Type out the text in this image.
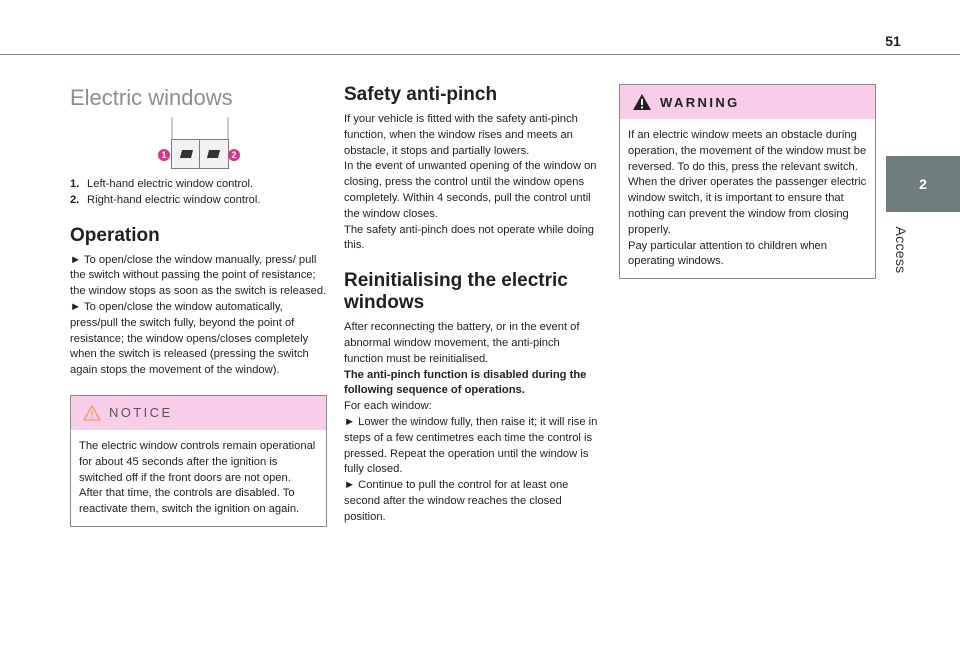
51
2
Access
Electric windows
1	2
1. Left-hand electric window control.
2. Right-hand electric window control.
Operation

► To open/close the window manually, press/ pull the switch without passing the point of resistance; the window stops as soon as the switch is released.

► To open/close the window automatically, press/pull the switch fully, beyond the point of resistance; the window opens/closes completely when the switch is released (pressing the switch again stops the movement of the window).

NOTICE

The electric window controls remain operational for about 45 seconds after the ignition is switched off if the front doors are not open.

After that time, the controls are disabled. To reactivate them, switch the ignition on again.

Safety anti-pinch

If your vehicle is fitted with the safety anti-pinch function, when the window rises and meets an obstacle, it stops and partially lowers.

In the event of unwanted opening of the window on closing, press the control until the window opens completely. Within 4 seconds, pull the control until the window closes.

The safety anti-pinch does not operate while doing this.

Reinitialising the electric windows

After reconnecting the battery, or in the event of abnormal window movement, the anti-pinch function must be reinitialised.

The anti-pinch function is disabled during the following sequence of operations.

For each window:

► Lower the window fully, then raise it; it will rise in steps of a few centimetres each time the control is pressed. Repeat the operation until the window is fully closed.

► Continue to pull the control for at least one second after the window reaches the closed position.

WARNING

If an electric window meets an obstacle during operation, the movement of the window must be reversed. To do this, press the relevant switch.

When the driver operates the passenger electric window switch, it is important to ensure that nothing can prevent the window from closing properly.

Pay particular attention to children when operating windows.
